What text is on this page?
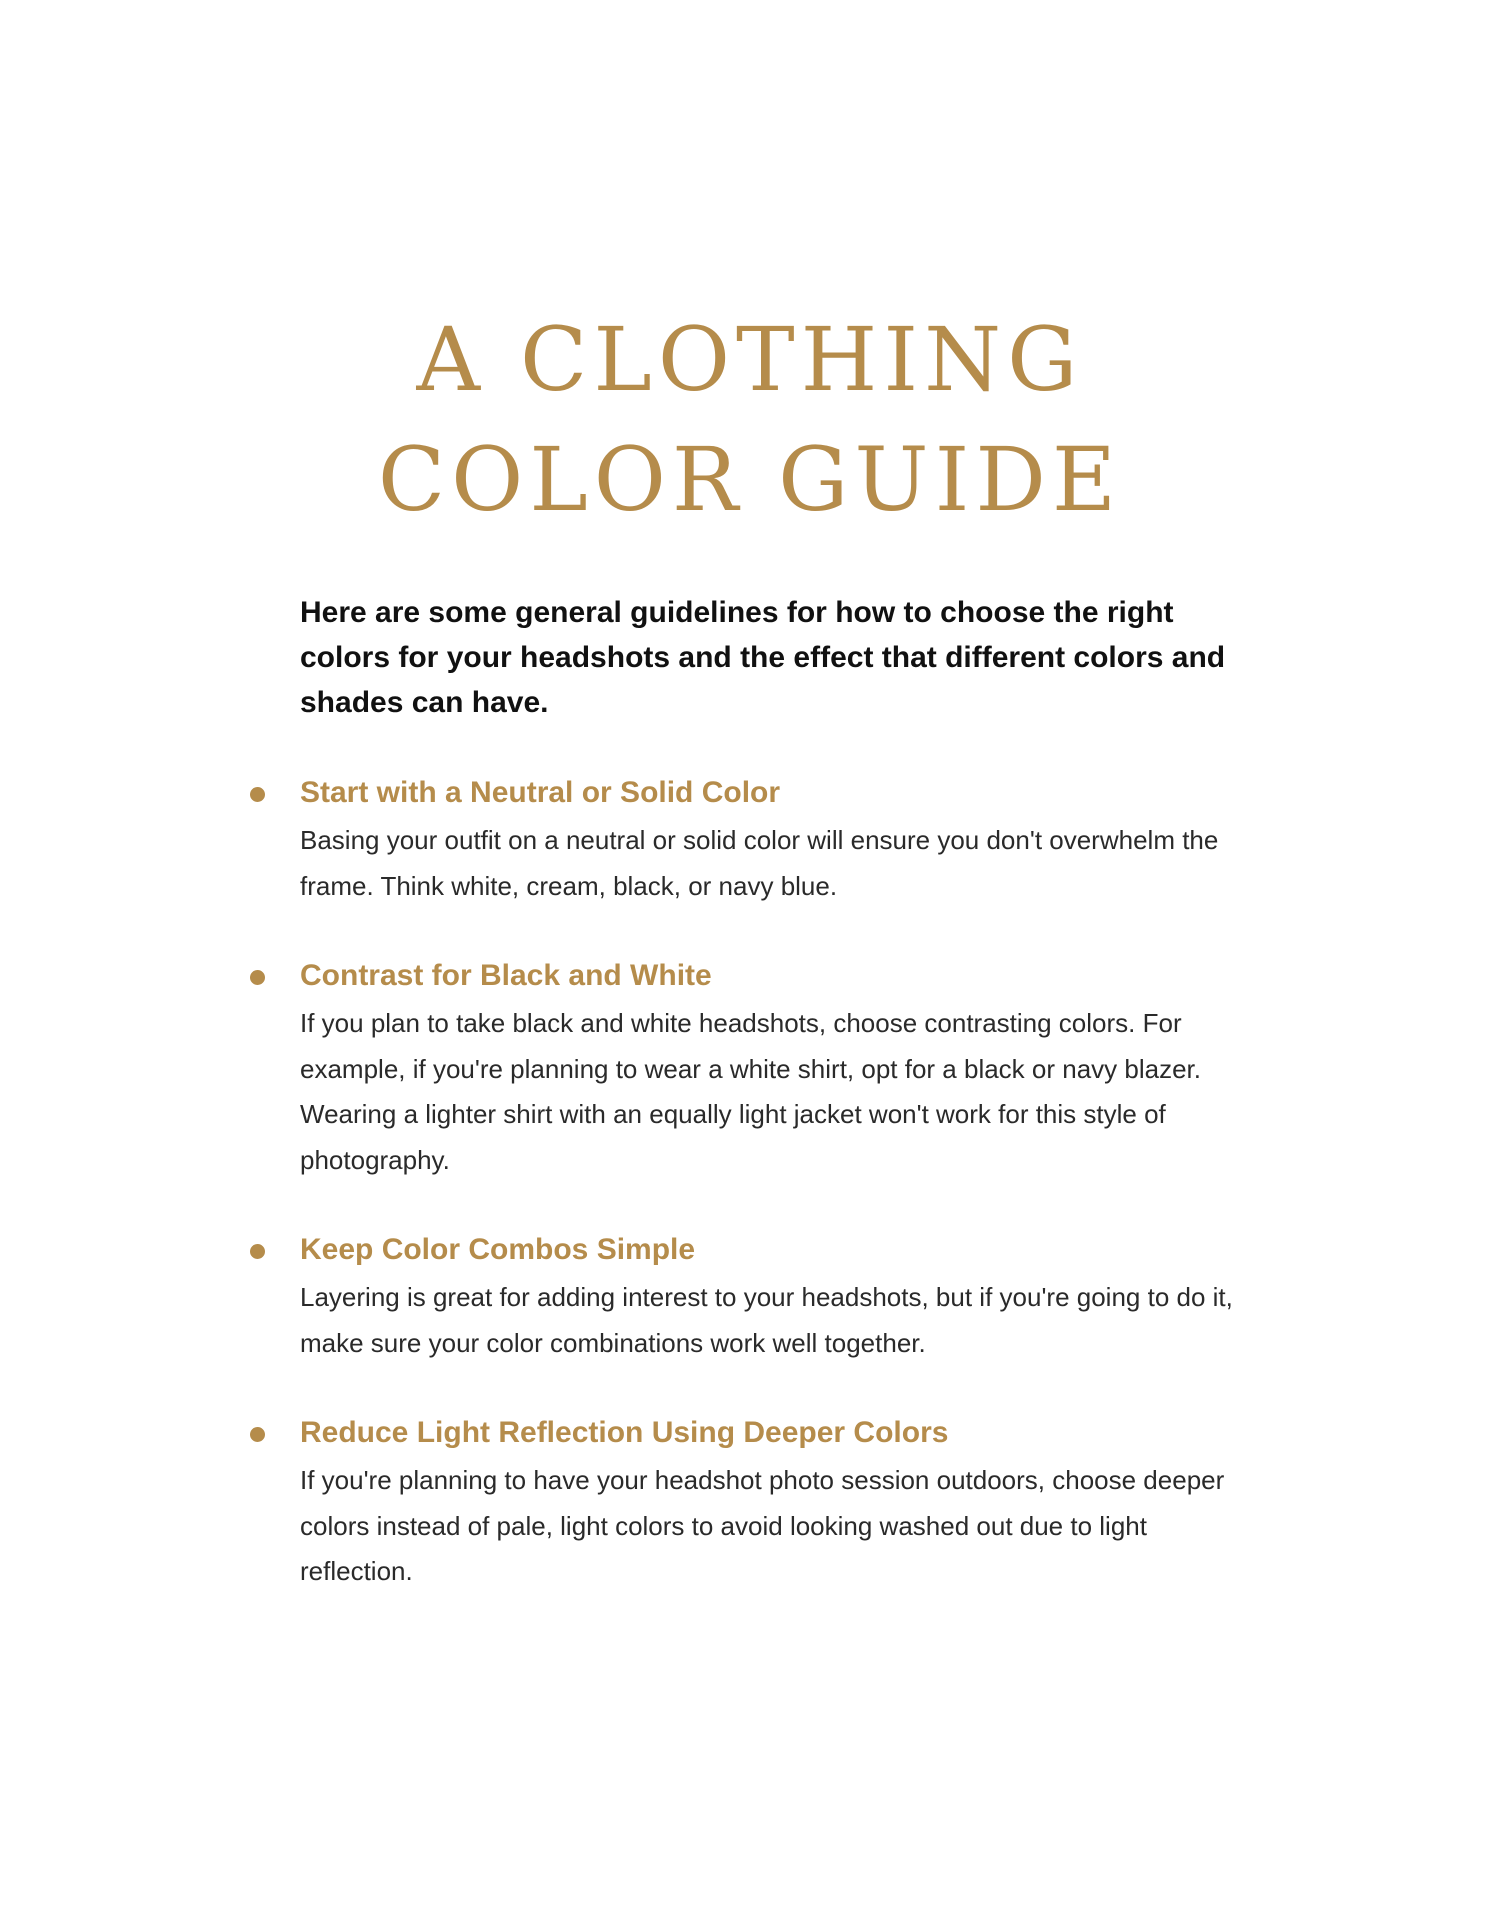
A CLOTHING
COLOR GUIDE

Here are some general guidelines for how to choose the right colors for your headshots and the effect that different colors and shades can have.

Start with a Neutral or Solid Color
Basing your outfit on a neutral or solid color will ensure you don't overwhelm the frame. Think white, cream, black, or navy blue.
Contrast for Black and White
If you plan to take black and white headshots, choose contrasting colors. For example, if you're planning to wear a white shirt, opt for a black or navy blazer. Wearing a lighter shirt with an equally light jacket won't work for this style of photography.
Keep Color Combos Simple
Layering is great for adding interest to your headshots, but if you're going to do it, make sure your color combinations work well together.
Reduce Light Reflection Using Deeper Colors
If you're planning to have your headshot photo session outdoors, choose deeper colors instead of pale, light colors to avoid looking washed out due to light reflection.
